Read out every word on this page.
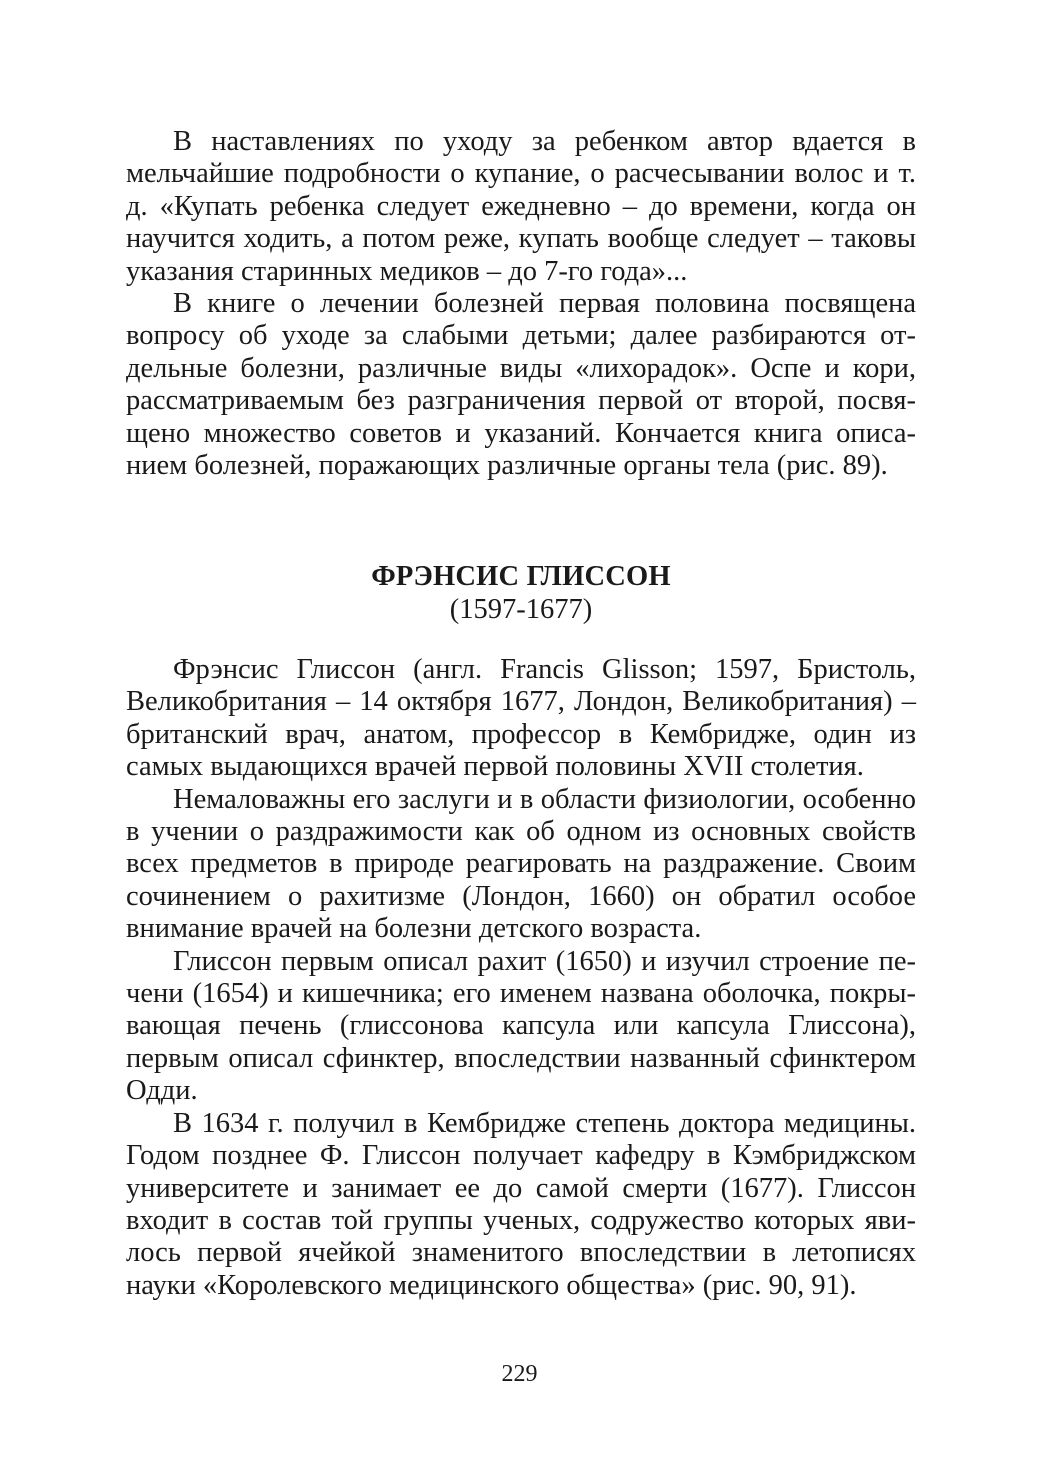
В наставлениях по уходу за ребенком автор вдается в мельчайшие подробности о купание, о расчесывании волос и т. д. «Купать ребенка следует ежедневно – до времени, когда он научится ходить, а потом реже, купать вообще следует – таковы указания старинных медиков – до 7-го года»...

В книге о лечении болезней первая половина посвящена вопросу об уходе за слабыми детьми; далее разбираются отдельные болезни, различные виды «лихорадок». Оспе и кори, рассматриваемым без разграничения первой от второй, посвящено множество советов и указаний. Кончается книга описанием болезней, поражающих различные органы тела (рис. 89).

ФРЭНСИС ГЛИССОН
(1597-1677)

Фрэнсис Глиссон (англ. Francis Glisson; 1597, Бристоль, Великобритания – 14 октября 1677, Лондон, Великобритания) – британский врач, анатом, профессор в Кембридже, один из самых выдающихся врачей первой половины XVII столетия.

Немаловажны его заслуги и в области физиологии, особенно в учении о раздражимости как об одном из основных свойств всех предметов в природе реагировать на раздражение. Своим сочинением о рахитизме (Лондон, 1660) он обратил особое внимание врачей на болезни детского возраста.

Глиссон первым описал рахит (1650) и изучил строение печени (1654) и кишечника; его именем названа оболочка, покрывающая печень (глиссонова капсула или капсула Глиссона), первым описал сфинктер, впоследствии названный сфинктером Одди.

В 1634 г. получил в Кембридже степень доктора медицины. Годом позднее Ф. Глиссон получает кафедру в Кэмбриджском университете и занимает ее до самой смерти (1677). Глиссон входит в состав той группы ученых, содружество которых явилось первой ячейкой знаменитого впоследствии в летописях науки «Королевского медицинского общества» (рис. 90, 91).

229
